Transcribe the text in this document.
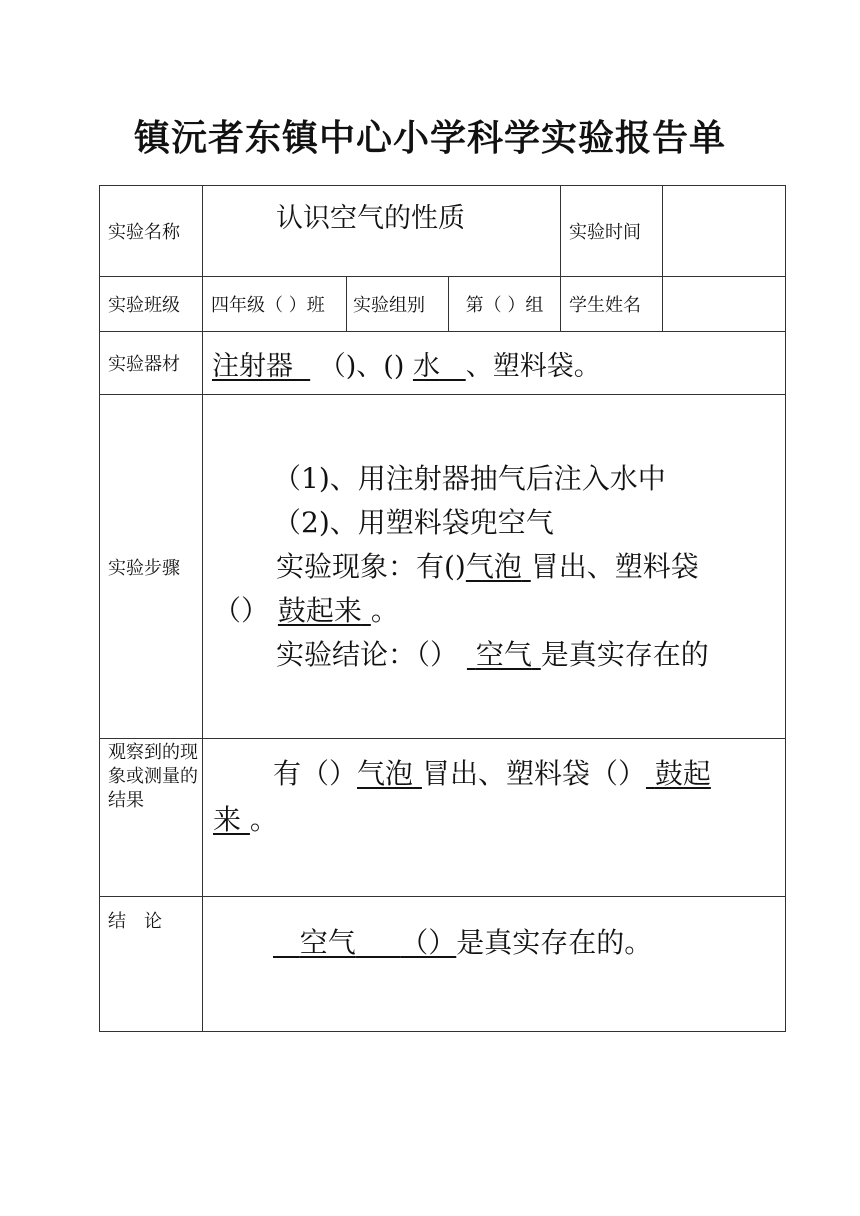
镇沅者东镇中心小学科学实验报告单
实验名称	认识空气的性质			实验时间	
实验班级	四年级（ ）班	实验组别	第（ ）组	学生姓名	
实验器材	注射器   （)、() 水 、塑料袋。				
实验步骤	（1)、用注射器抽气后注入水中
（2)、用塑料袋兜空气
实验现象：有()气泡 冒出、塑料袋
（） 鼓起来 。
实验结论：（） 空气 是真实存在的				

观察到的现象或测量的结果	有（）气泡 冒出、塑料袋（） 鼓起
来 。				
结　论	空气 （）是真实存在的。				
